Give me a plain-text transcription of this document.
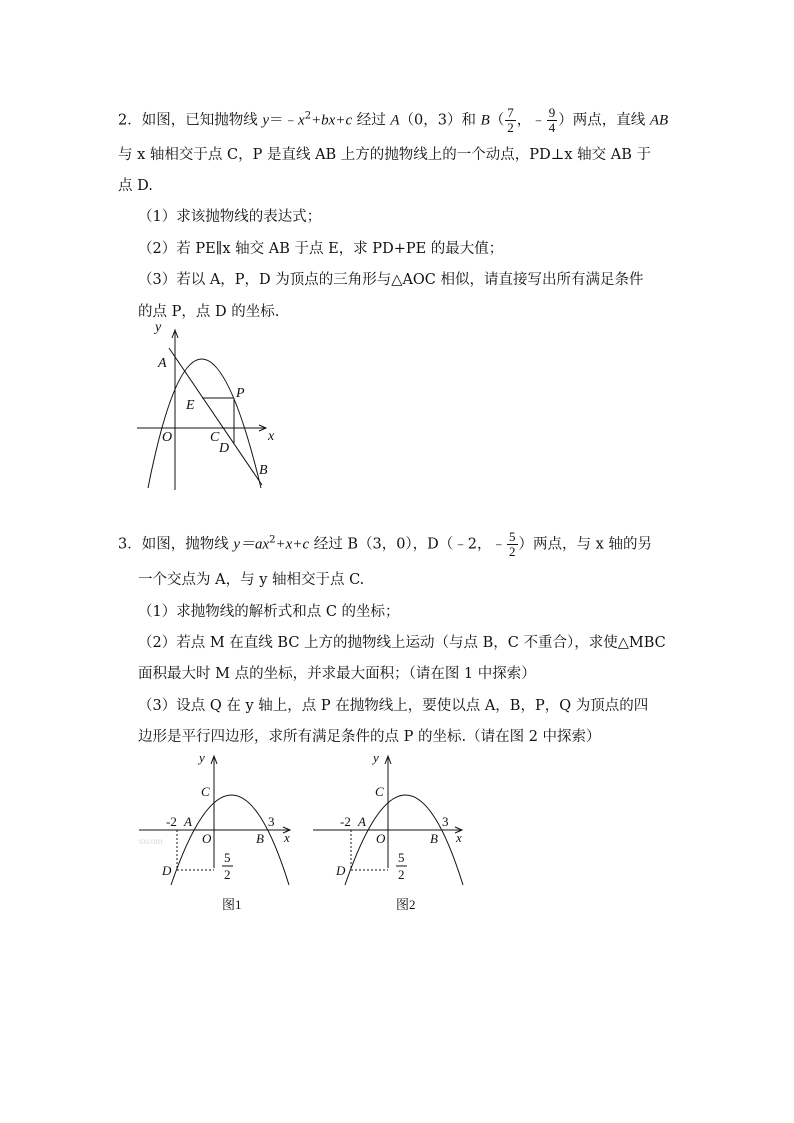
2．如图，已知抛物线 $y=﹣x^2+bx+c$ 经过 A（0，3）和 $B( \frac{7}{2}$ ，﹣ $\frac{9}{4}$ ）两点，直线 AB
与 x 轴相交于点 C，P 是直线 AB 上方的抛物线上的一个动点，PD⊥x 轴交 AB 于
点 D.
（1）求该抛物线的表达式；
（2）若 PE∥x 轴交 AB 于点 E，求 PD+PE 的最大值；
（3）若以 A，P，D 为顶点的三角形与△AOC 相似，请直接写出所有满足条件
的点 P，点 D 的坐标.
y
x
A
E
P
O	C
D
B
3．如图，抛物线 $y=ax^2+x+c$ 经过 B（3，0），D（﹣2，﹣ $\frac{5}{2}$ ）两点，与 x 轴的另
一个交点为 A，与 y 轴相交于点 C.
（1）求抛物线的解析式和点 C 的坐标；
（2）若点 M 在直线 BC 上方的抛物线上运动（与点 B，C 不重合），求使△MBC
面积最大时 M 点的坐标，并求最大面积；（请在图 1 中探索）
（3）设点 Q 在 y 轴上，点 P 在抛物线上，要使以点 A，B，P，Q 为顶点的四
边形是平行四边形，求所有满足条件的点 P 的坐标.（请在图 2 中探索）
y
x
C
-2 A
O	B
3
D
5
2
sxcom
图1
y
x
C
-2 A
O	B
3
D
5
2
图2
